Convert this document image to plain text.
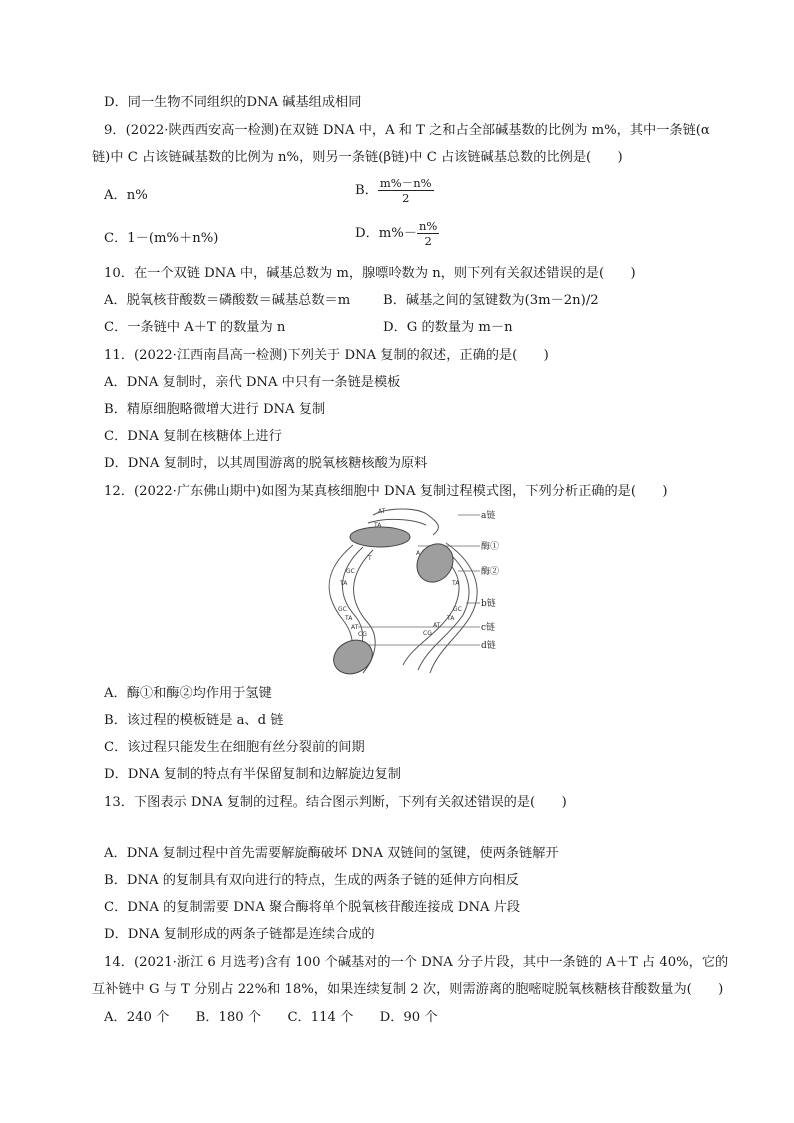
D．同一生物不同组织的DNA 碱基组成相同
9．(2022·陕西西安高一检测)在双链 DNA 中，A 和 T 之和占全部碱基数的比例为 m%，其中一条链(α
链)中 C 占该链碱基数的比例为 n%，则另一条链(β链)中 C 占该链碱基总数的比例是(　　)
A．n%	B． $\frac{m\%-n\%}{2}$
C．1－(m%＋n%)	D．$m\%- \frac{n\%}{2}$
10．在一个双链 DNA 中，碱基总数为 m，腺嘌呤数为 n，则下列有关叙述错误的是(　　)
A．脱氧核苷酸数＝磷酸数＝碱基总数＝m B．碱基之间的氢键数为(3m－2n)/2
C．一条链中 A＋T 的数量为 n	D．G 的数量为 m－n
11．(2022·江西南昌高一检测)下列关于 DNA 复制的叙述，正确的是(　　)
A．DNA 复制时，亲代 DNA 中只有一条链是模板
B．精原细胞略微增大进行 DNA 复制
C．DNA 复制在核糖体上进行
D．DNA 复制时，以其周围游离的脱氧核糖核酸为原料
12．(2022·广东佛山期中)如图为某真核细胞中 DNA 复制过程模式图，下列分析正确的是(　　)
AT
TA
T
GC
TA
A
TA
GC
TA
AT
CG
GC
TA
AT
CG
a链
酶①
酶②
b链
c链
d链
A．酶①和酶②均作用于氢键
B．该过程的模板链是 a、d 链
C．该过程只能发生在细胞有丝分裂前的间期
D．DNA 复制的特点有半保留复制和边解旋边复制
13．下图表示 DNA 复制的过程。结合图示判断，下列有关叙述错误的是(　　)
A．DNA 复制过程中首先需要解旋酶破坏 DNA 双链间的氢键，使两条链解开
B．DNA 的复制具有双向进行的特点，生成的两条子链的延伸方向相反
C．DNA 的复制需要 DNA 聚合酶将单个脱氧核苷酸连接成 DNA 片段
D．DNA 复制形成的两条子链都是连续合成的
14．(2021·浙江 6 月选考)含有 100 个碱基对的一个 DNA 分子片段，其中一条链的 A＋T 占 40%，它的
互补链中 G 与 T 分别占 22%和 18%，如果连续复制 2 次，则需游离的胞嘧啶脱氧核糖核苷酸数量为(　　)
A．240 个　　B．180 个　　C．114 个　　D．90 个
